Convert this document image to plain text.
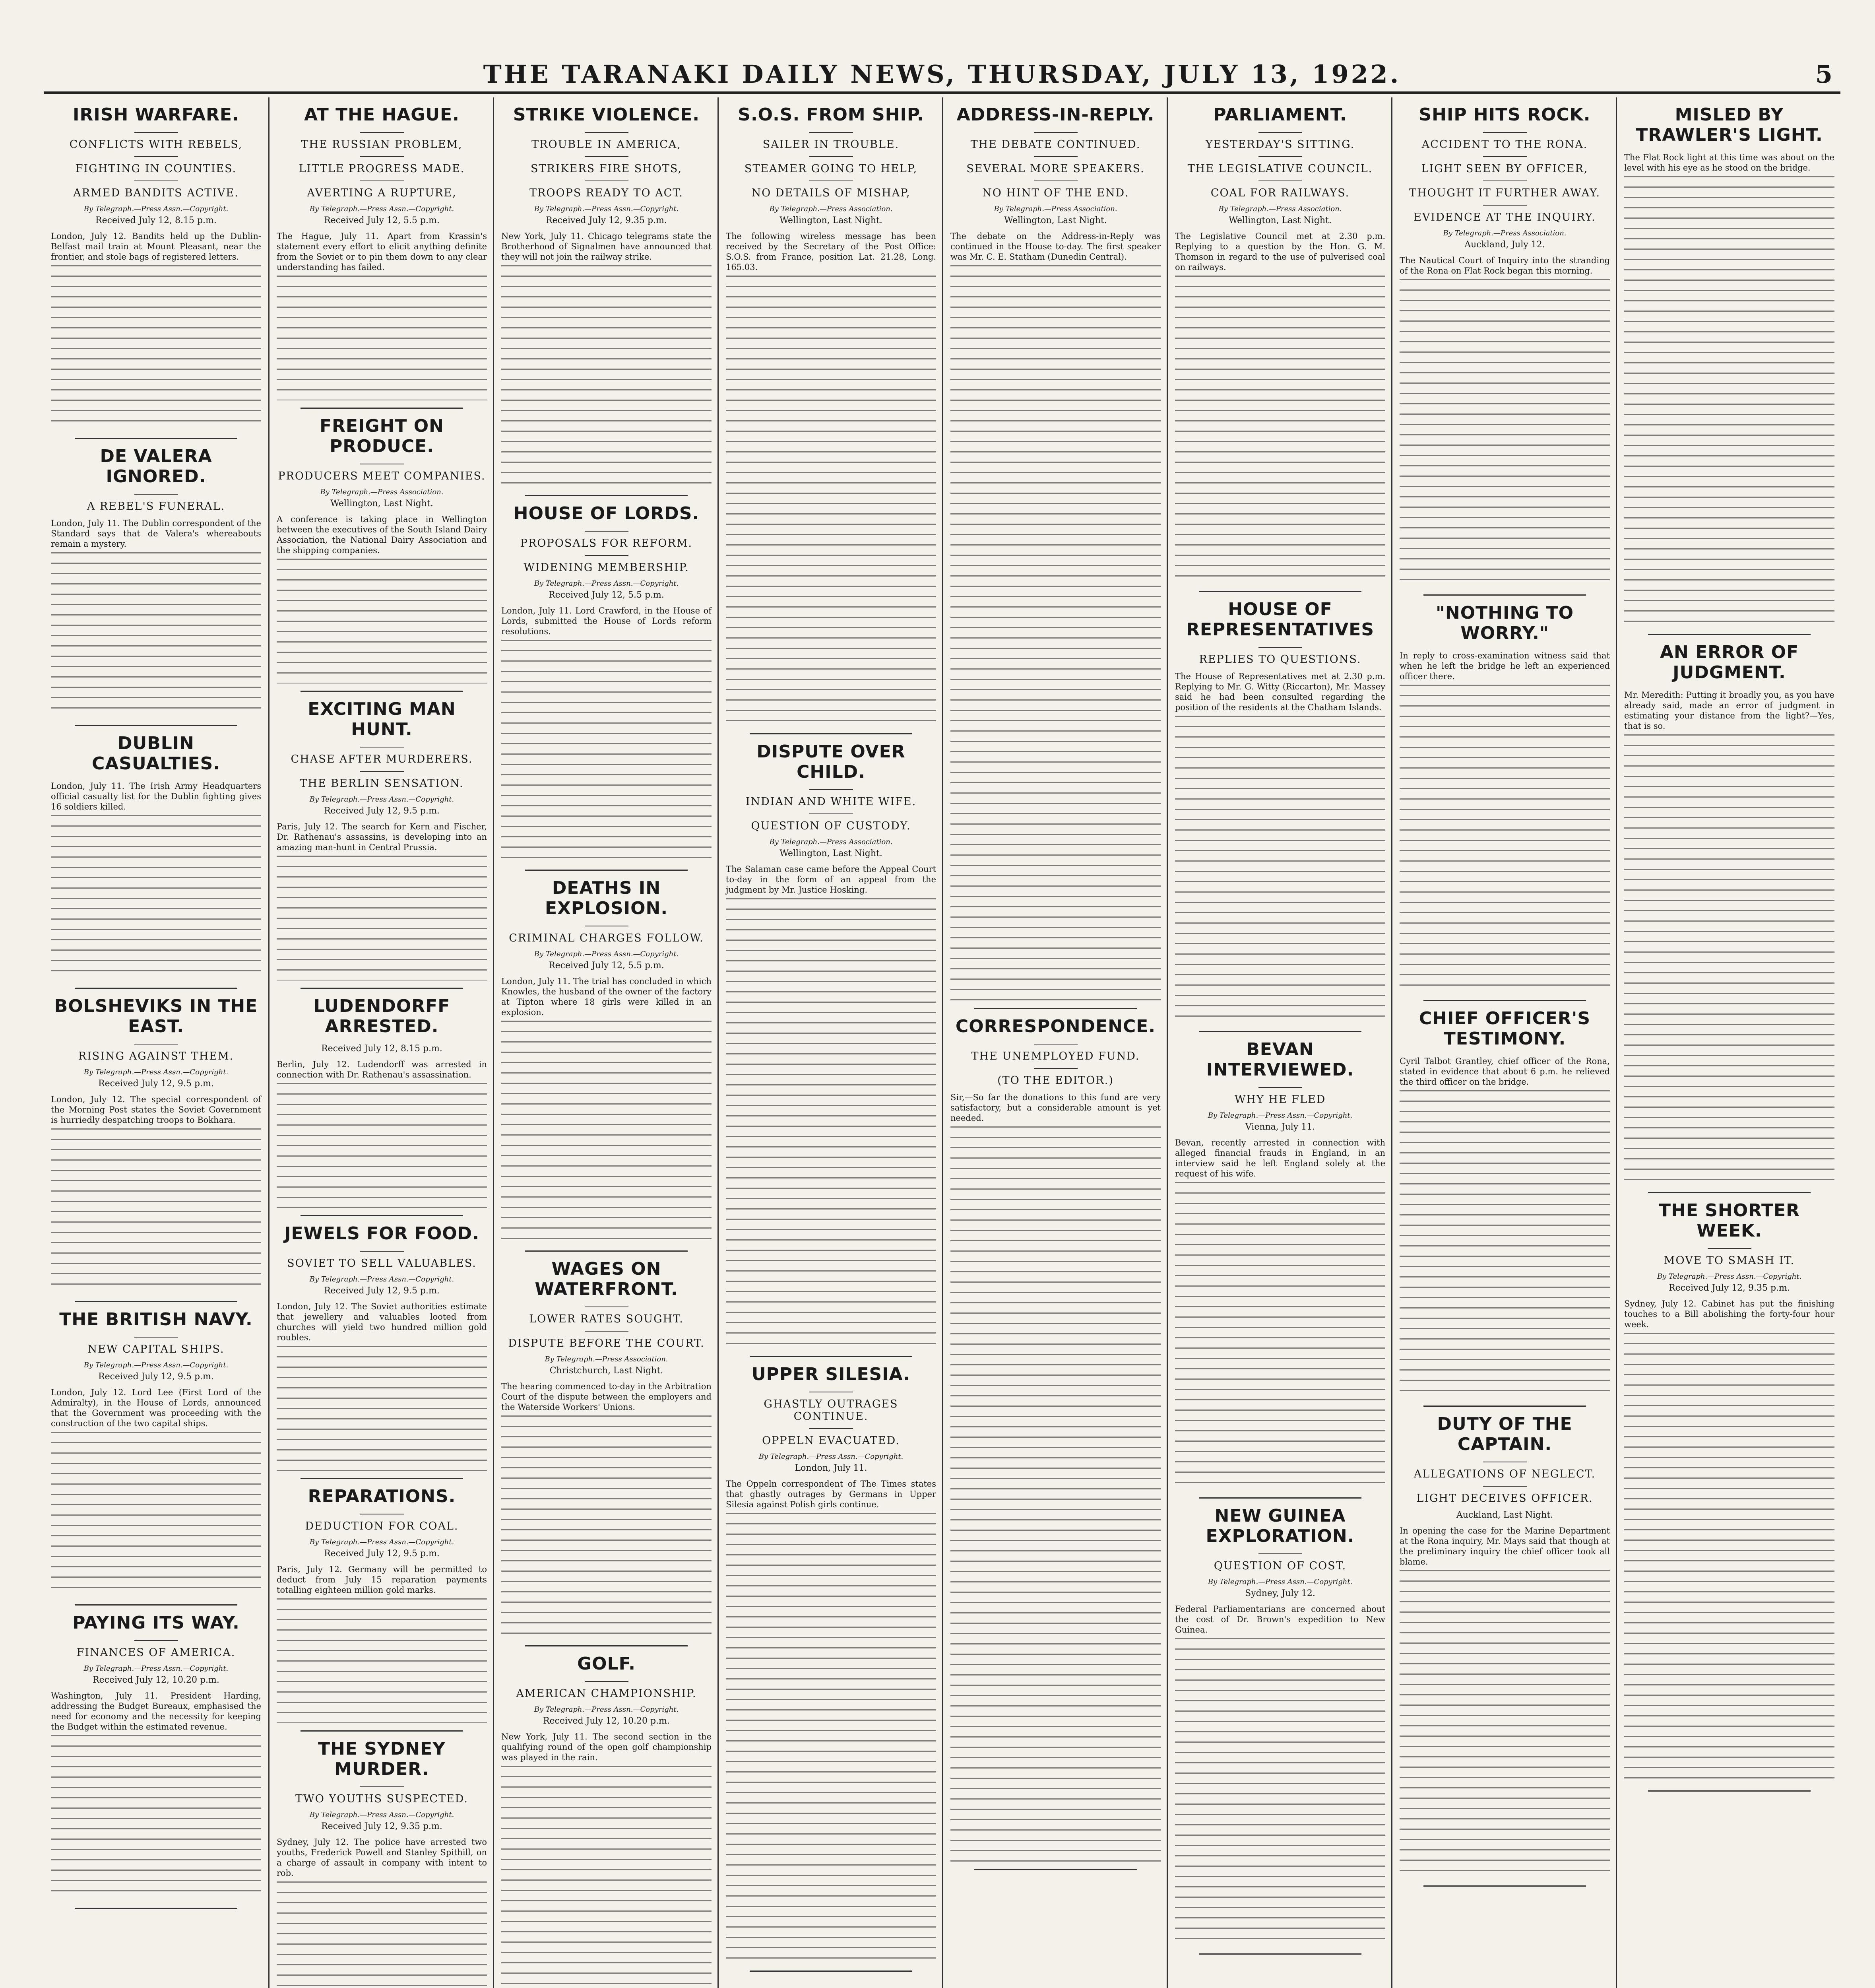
THE TARANAKI DAILY NEWS, THURSDAY, JULY 13, 1922.	5
IRISH WARFARE.
CONFLICTS WITH REBELS,
FIGHTING IN COUNTIES.
ARMED BANDITS ACTIVE.
By Telegraph.—Press Assn.—Copyright.
Received July 12, 8.15 p.m.

London, July 12. Bandits held up the Dublin-Belfast mail train at Mount Pleasant, near the frontier, and stole bags of registered letters.

DE VALERA IGNORED.
A REBEL'S FUNERAL.

London, July 11. The Dublin correspondent of the Standard says that de Valera's whereabouts remain a mystery.

DUBLIN CASUALTIES.

London, July 11. The Irish Army Headquarters official casualty list for the Dublin fighting gives 16 soldiers killed.

BOLSHEVIKS IN THE EAST.
RISING AGAINST THEM.
By Telegraph.—Press Assn.—Copyright.
Received July 12, 9.5 p.m.

London, July 12. The special correspondent of the Morning Post states the Soviet Government is hurriedly despatching troops to Bokhara.

THE BRITISH NAVY.
NEW CAPITAL SHIPS.
By Telegraph.—Press Assn.—Copyright.
Received July 12, 9.5 p.m.

London, July 12. Lord Lee (First Lord of the Admiralty), in the House of Lords, announced that the Government was proceeding with the construction of the two capital ships.

PAYING ITS WAY.
FINANCES OF AMERICA.
By Telegraph.—Press Assn.—Copyright.
Received July 12, 10.20 p.m.

Washington, July 11. President Harding, addressing the Budget Bureaux, emphasised the need for economy and the necessity for keeping the Budget within the estimated revenue.

AT THE HAGUE.
THE RUSSIAN PROBLEM,
LITTLE PROGRESS MADE.
AVERTING A RUPTURE,
By Telegraph.—Press Assn.—Copyright.
Received July 12, 5.5 p.m.

The Hague, July 11. Apart from Krassin's statement every effort to elicit anything definite from the Soviet or to pin them down to any clear understanding has failed.

FREIGHT ON PRODUCE.
PRODUCERS MEET COMPANIES.
By Telegraph.—Press Association.
Wellington, Last Night.

A conference is taking place in Wellington between the executives of the South Island Dairy Association, the National Dairy Association and the shipping companies.

EXCITING MAN HUNT.
CHASE AFTER MURDERERS.
THE BERLIN SENSATION.
By Telegraph.—Press Assn.—Copyright.
Received July 12, 9.5 p.m.

Paris, July 12. The search for Kern and Fischer, Dr. Rathenau's assassins, is developing into an amazing man-hunt in Central Prussia.

LUDENDORFF ARRESTED.
Received July 12, 8.15 p.m.

Berlin, July 12. Ludendorff was arrested in connection with Dr. Rathenau's assassination.

JEWELS FOR FOOD.
SOVIET TO SELL VALUABLES.
By Telegraph.—Press Assn.—Copyright.
Received July 12, 9.5 p.m.

London, July 12. The Soviet authorities estimate that jewellery and valuables looted from churches will yield two hundred million gold roubles.

REPARATIONS.
DEDUCTION FOR COAL.
By Telegraph.—Press Assn.—Copyright.
Received July 12, 9.5 p.m.

Paris, July 12. Germany will be permitted to deduct from July 15 reparation payments totalling eighteen million gold marks.

THE SYDNEY MURDER.
TWO YOUTHS SUSPECTED.
By Telegraph.—Press Assn.—Copyright.
Received July 12, 9.35 p.m.

Sydney, July 12. The police have arrested two youths, Frederick Powell and Stanley Spithill, on a charge of assault in company with intent to rob.

STRIKE VIOLENCE.
TROUBLE IN AMERICA,
STRIKERS FIRE SHOTS,
TROOPS READY TO ACT.
By Telegraph.—Press Assn.—Copyright.
Received July 12, 9.35 p.m.

New York, July 11. Chicago telegrams state the Brotherhood of Signalmen have announced that they will not join the railway strike.

HOUSE OF LORDS.
PROPOSALS FOR REFORM.
WIDENING MEMBERSHIP.
By Telegraph.—Press Assn.—Copyright.
Received July 12, 5.5 p.m.

London, July 11. Lord Crawford, in the House of Lords, submitted the House of Lords reform resolutions.

DEATHS IN EXPLOSION.
CRIMINAL CHARGES FOLLOW.
By Telegraph.—Press Assn.—Copyright.
Received July 12, 5.5 p.m.

London, July 11. The trial has concluded in which Knowles, the husband of the owner of the factory at Tipton where 18 girls were killed in an explosion.

WAGES ON WATERFRONT.
LOWER RATES SOUGHT.
DISPUTE BEFORE THE COURT.
By Telegraph.—Press Association.
Christchurch, Last Night.

The hearing commenced to-day in the Arbitration Court of the dispute between the employers and the Waterside Workers' Unions.

GOLF.
AMERICAN CHAMPIONSHIP.
By Telegraph.—Press Assn.—Copyright.
Received July 12, 10.20 p.m.

New York, July 11. The second section in the qualifying round of the open golf championship was played in the rain.

S.O.S. FROM SHIP.
SAILER IN TROUBLE.
STEAMER GOING TO HELP,
NO DETAILS OF MISHAP,
By Telegraph.—Press Association.
Wellington, Last Night.

The following wireless message has been received by the Secretary of the Post Office: S.O.S. from France, position Lat. 21.28, Long. 165.03.

DISPUTE OVER CHILD.
INDIAN AND WHITE WIFE.
QUESTION OF CUSTODY.
By Telegraph.—Press Association.
Wellington, Last Night.

The Salaman case came before the Appeal Court to-day in the form of an appeal from the judgment by Mr. Justice Hosking.

UPPER SILESIA.
GHASTLY OUTRAGES CONTINUE.
OPPELN EVACUATED.
By Telegraph.—Press Assn.—Copyright.
London, July 11.

The Oppeln correspondent of The Times states that ghastly outrages by Germans in Upper Silesia against Polish girls continue.

ADDRESS-IN-REPLY.
THE DEBATE CONTINUED.
SEVERAL MORE SPEAKERS.
NO HINT OF THE END.
By Telegraph.—Press Association.
Wellington, Last Night.

The debate on the Address-in-Reply was continued in the House to-day. The first speaker was Mr. C. E. Statham (Dunedin Central).

CORRESPONDENCE.
THE UNEMPLOYED FUND.
(TO THE EDITOR.)

Sir,—So far the donations to this fund are very satisfactory, but a considerable amount is yet needed.

PARLIAMENT.
YESTERDAY'S SITTING.
THE LEGISLATIVE COUNCIL.
COAL FOR RAILWAYS.
By Telegraph.—Press Association.
Wellington, Last Night.

The Legislative Council met at 2.30 p.m. Replying to a question by the Hon. G. M. Thomson in regard to the use of pulverised coal on railways.

HOUSE OF REPRESENTATIVES
REPLIES TO QUESTIONS.

The House of Representatives met at 2.30 p.m. Replying to Mr. G. Witty (Riccarton), Mr. Massey said he had been consulted regarding the position of the residents at the Chatham Islands.

BEVAN INTERVIEWED.
WHY HE FLED
By Telegraph.—Press Assn.—Copyright.
Vienna, July 11.

Bevan, recently arrested in connection with alleged financial frauds in England, in an interview said he left England solely at the request of his wife.

NEW GUINEA EXPLORATION.
QUESTION OF COST.
By Telegraph.—Press Assn.—Copyright.
Sydney, July 12.

Federal Parliamentarians are concerned about the cost of Dr. Brown's expedition to New Guinea.

SHIP HITS ROCK.
ACCIDENT TO THE RONA.
LIGHT SEEN BY OFFICER,
THOUGHT IT FURTHER AWAY.
EVIDENCE AT THE INQUIRY.
By Telegraph.—Press Association.
Auckland, July 12.

The Nautical Court of Inquiry into the stranding of the Rona on Flat Rock began this morning.

"NOTHING TO WORRY."

In reply to cross-examination witness said that when he left the bridge he left an experienced officer there.

CHIEF OFFICER'S TESTIMONY.

Cyril Talbot Grantley, chief officer of the Rona, stated in evidence that about 6 p.m. he relieved the third officer on the bridge.

DUTY OF THE CAPTAIN.
ALLEGATIONS OF NEGLECT.
LIGHT DECEIVES OFFICER.
Auckland, Last Night.

In opening the case for the Marine Department at the Rona inquiry, Mr. Mays said that though at the preliminary inquiry the chief officer took all blame.

MISLED BY TRAWLER'S LIGHT.

The Flat Rock light at this time was about on the level with his eye as he stood on the bridge.

AN ERROR OF JUDGMENT.

Mr. Meredith: Putting it broadly you, as you have already said, made an error of judgment in estimating your distance from the light?—Yes, that is so.

THE SHORTER WEEK.
MOVE TO SMASH IT.
By Telegraph.—Press Assn.—Copyright.
Received July 12, 9.35 p.m.

Sydney, July 12. Cabinet has put the finishing touches to a Bill abolishing the forty-four hour week.
